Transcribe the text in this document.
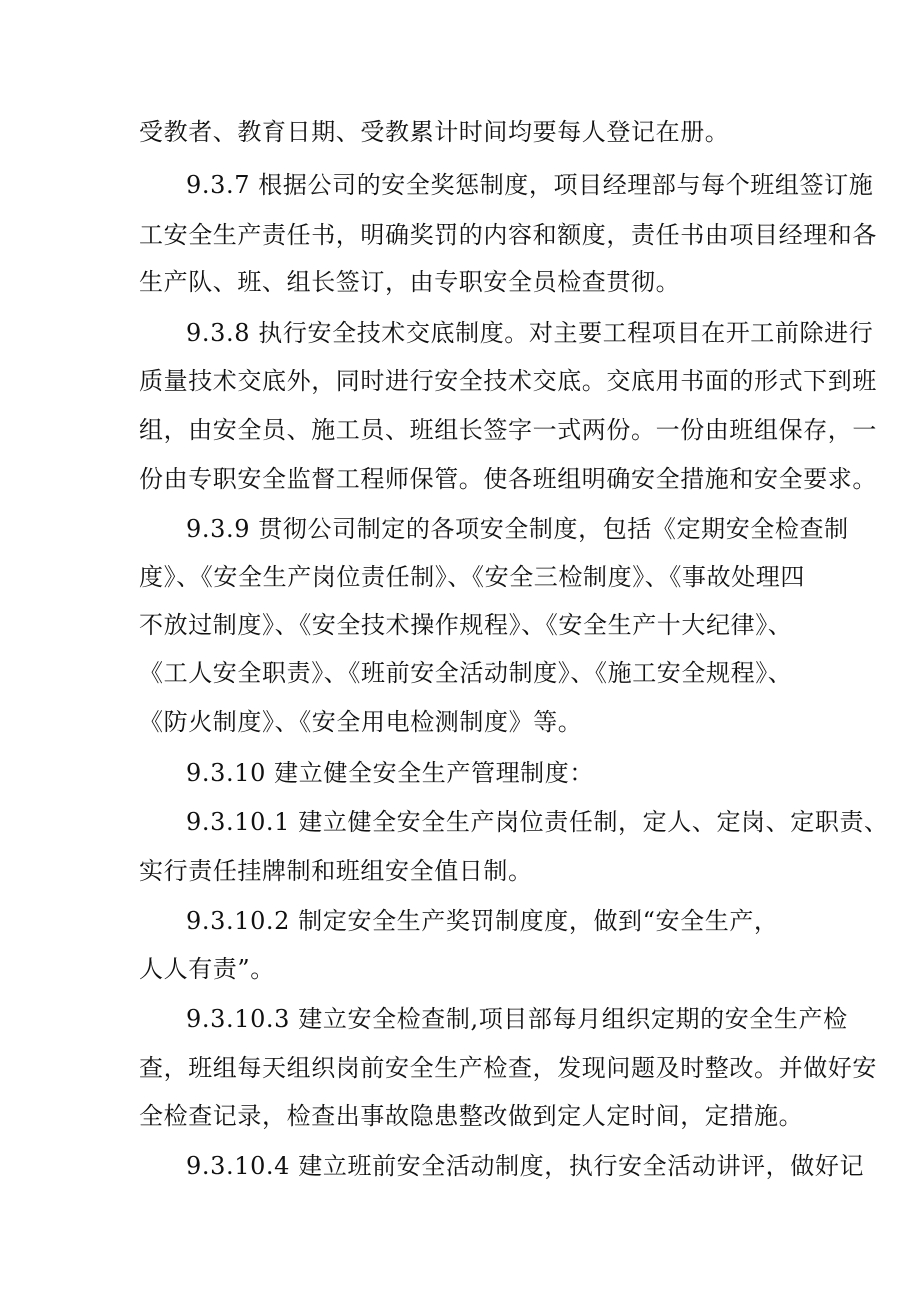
受教者、教育日期、受教累计时间均要每人登记在册。
9.3.7 根据公司的安全奖惩制度，项目经理部与每个班组签订施
工安全生产责任书，明确奖罚的内容和额度，责任书由项目经理和各
生产队、班、组长签订，由专职安全员检查贯彻。
9.3.8 执行安全技术交底制度。对主要工程项目在开工前除进行
质量技术交底外，同时进行安全技术交底。交底用书面的形式下到班
组，由安全员、施工员、班组长签字一式两份。一份由班组保存，一
份由专职安全监督工程师保管。使各班组明确安全措施和安全要求。
9.3.9 贯彻公司制定的各项安全制度，包括《定期安全检查制
度》、《安全生产岗位责任制》、《安全三检制度》、《事故处理四
不放过制度》、《安全技术操作规程》、《安全生产十大纪律》、
《工人安全职责》、《班前安全活动制度》、《施工安全规程》、
《防火制度》、《安全用电检测制度》等。
9.3.10 建立健全安全生产管理制度：
9.3.10.1 建立健全安全生产岗位责任制，定人、定岗、定职责、
实行责任挂牌制和班组安全值日制。
9.3.10.2 制定安全生产奖罚制度度，做到“安全生产，
人人有责”。
9.3.10.3 建立安全检查制,项目部每月组织定期的安全生产检
查，班组每天组织岗前安全生产检查，发现问题及时整改。并做好安
全检查记录，检查出事故隐患整改做到定人定时间，定措施。
9.3.10.4 建立班前安全活动制度，执行安全活动讲评，做好记
